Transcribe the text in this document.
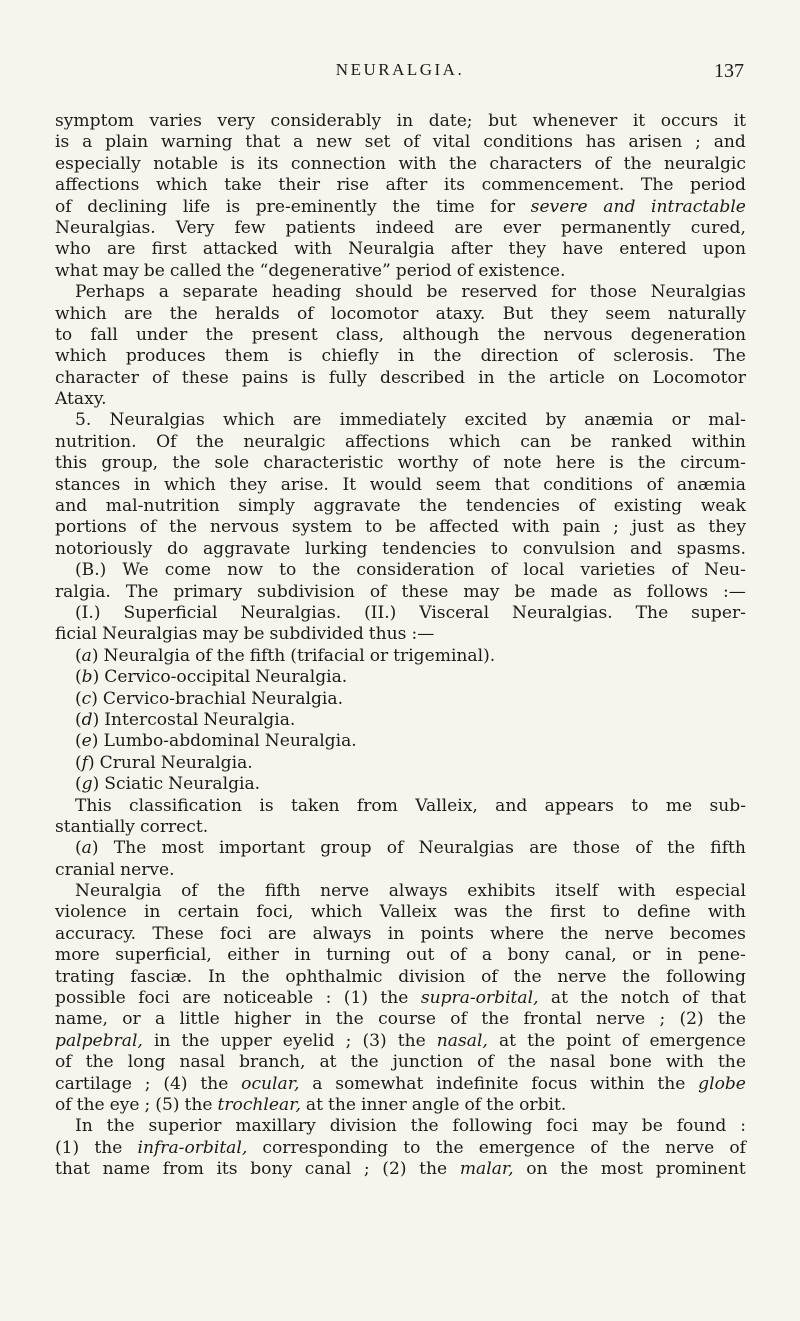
NEURALGIA.	137
symptom varies very considerably in date; but whenever it occurs it
is a plain warning that a new set of vital conditions has arisen ; and
especially notable is its connection with the characters of the neuralgic
affections which take their rise after its commencement. The period
of declining life is pre-eminently the time for severe and intractable
Neuralgias. Very few patients indeed are ever permanently cured,
who are first attacked with Neuralgia after they have entered upon
what may be called the “degenerative” period of existence.
Perhaps a separate heading should be reserved for those Neuralgias
which are the heralds of locomotor ataxy. But they seem naturally
to fall under the present class, although the nervous degeneration
which produces them is chiefly in the direction of sclerosis. The
character of these pains is fully described in the article on Locomotor
Ataxy.
5. Neuralgias which are immediately excited by anæmia or mal-
nutrition. Of the neuralgic affections which can be ranked within
this group, the sole characteristic worthy of note here is the circum-
stances in which they arise. It would seem that conditions of anæmia
and mal-nutrition simply aggravate the tendencies of existing weak
portions of the nervous system to be affected with pain ; just as they
notoriously do aggravate lurking tendencies to convulsion and spasms.
(B.) We come now to the consideration of local varieties of Neu-
ralgia. The primary subdivision of these may be made as follows :—
(I.) Superficial Neuralgias. (II.) Visceral Neuralgias. The super-
ficial Neuralgias may be subdivided thus :—
(a) Neuralgia of the fifth (trifacial or trigeminal).
(b) Cervico-occipital Neuralgia.
(c) Cervico-brachial Neuralgia.
(d) Intercostal Neuralgia.
(e) Lumbo-abdominal Neuralgia.
(f) Crural Neuralgia.
(g) Sciatic Neuralgia.
This classification is taken from Valleix, and appears to me sub-
stantially correct.
(a) The most important group of Neuralgias are those of the fifth
cranial nerve.
Neuralgia of the fifth nerve always exhibits itself with especial
violence in certain foci, which Valleix was the first to define with
accuracy. These foci are always in points where the nerve becomes
more superficial, either in turning out of a bony canal, or in pene-
trating fasciæ. In the ophthalmic division of the nerve the following
possible foci are noticeable : (1) the supra-orbital, at the notch of that
name, or a little higher in the course of the frontal nerve ; (2) the
palpebral, in the upper eyelid ; (3) the nasal, at the point of emergence
of the long nasal branch, at the junction of the nasal bone with the
cartilage ; (4) the ocular, a somewhat indefinite focus within the globe
of the eye ; (5) the trochlear, at the inner angle of the orbit.
In the superior maxillary division the following foci may be found :
(1) the infra-orbital, corresponding to the emergence of the nerve of
that name from its bony canal ; (2) the malar, on the most prominent
